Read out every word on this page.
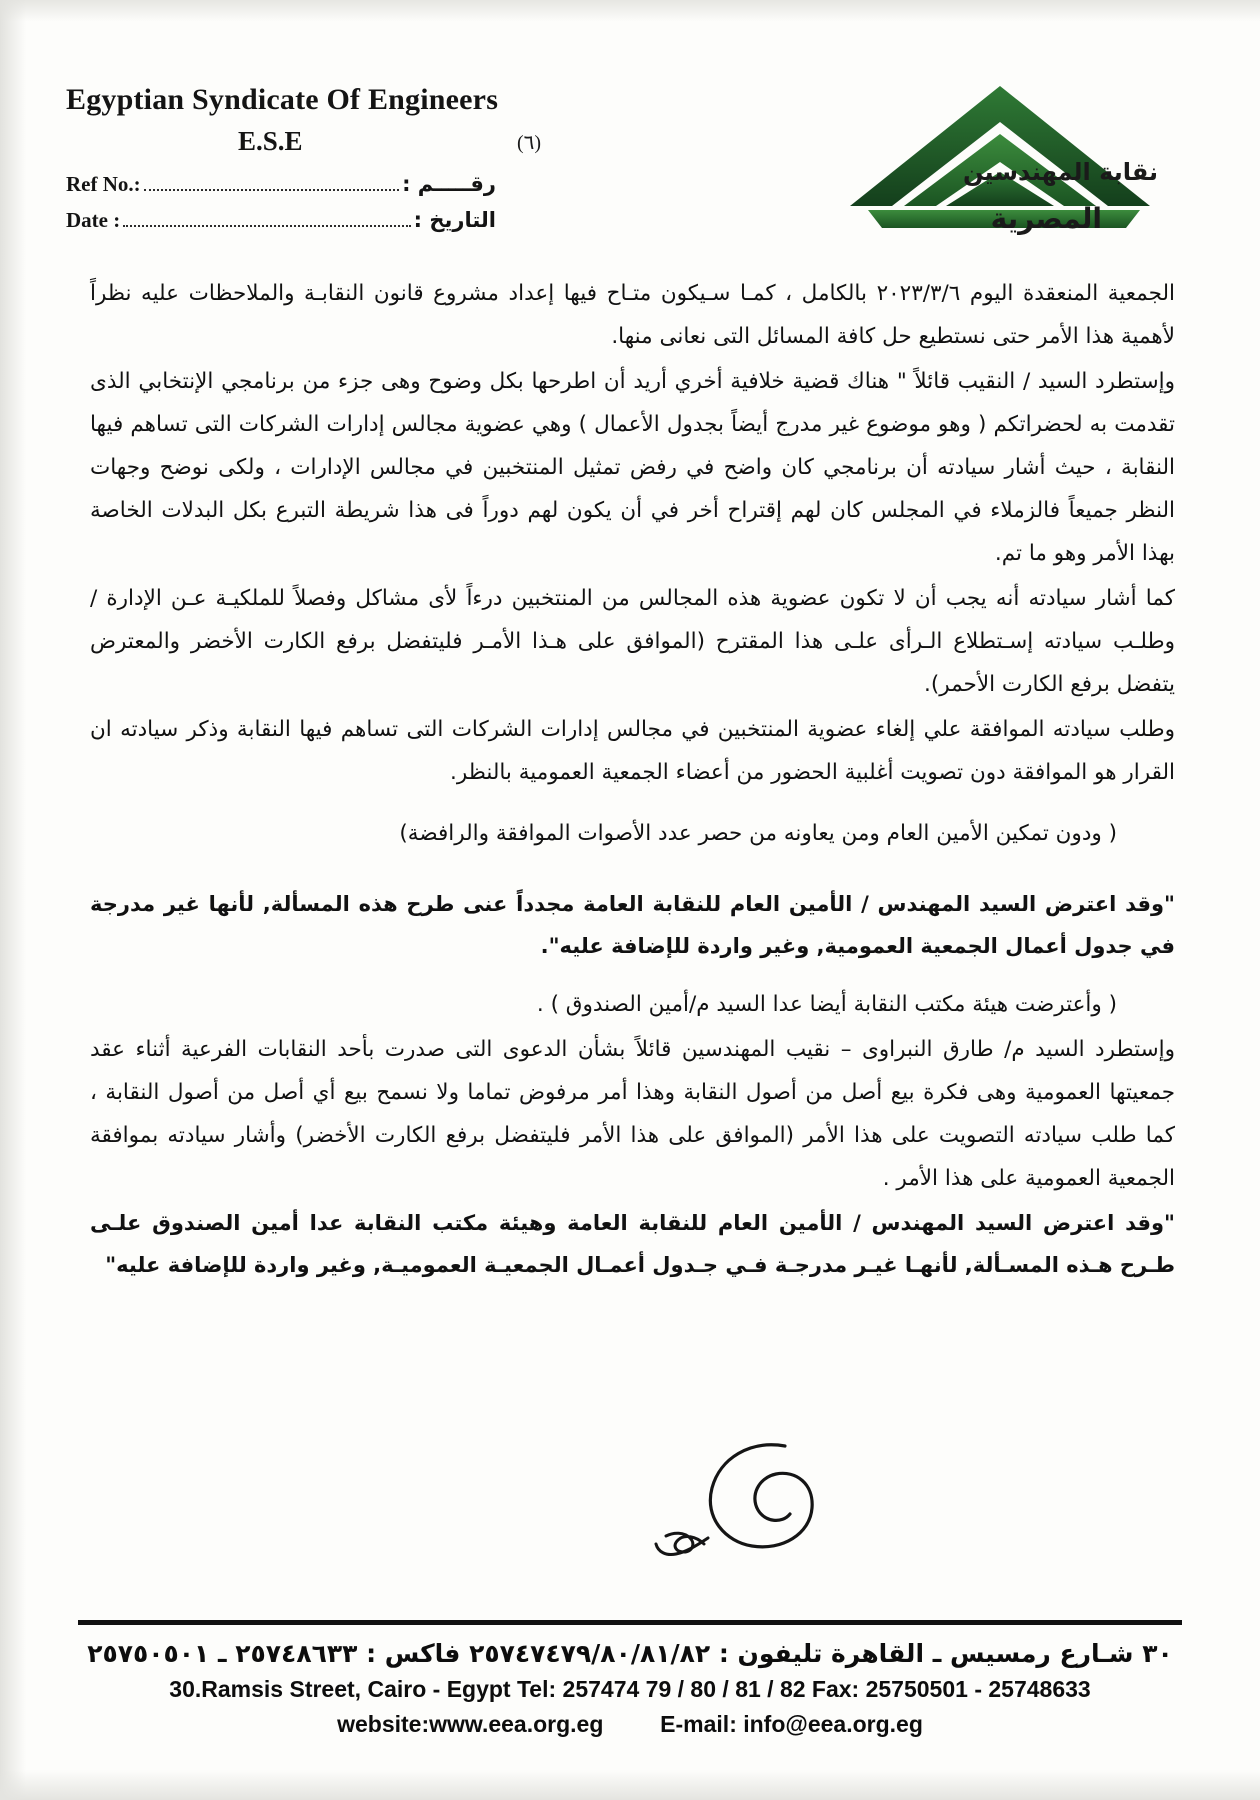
Egyptian Syndicate Of Engineers
E.S.E	(٦)
Ref No.:	رقـــــم :
Date :	التاريخ :
نقابة المهندسين
المصرية

الجمعية المنعقدة اليوم ٢٠٢٣/٣/٦ بالكامل ، كمـا سـيكون متـاح فيها إعداد مشروع قانون النقابـة والملاحظات عليه نظراً لأهمية هذا الأمر حتى نستطيع حل كافة المسائل التى نعانى منها.

وإستطرد السيد / النقيب قائلاً " هناك قضية خلافية أخري أريد أن اطرحها بكل وضوح وهى جزء من برنامجي الإنتخابي الذى تقدمت به لحضراتكم ( وهو موضوع غير مدرج أيضاً بجدول الأعمال ) وهي عضوية مجالس إدارات الشركات التى تساهم فيها النقابة ، حيث أشار سيادته أن برنامجي كان واضح في رفض تمثيل المنتخبين في مجالس الإدارات ، ولكى نوضح وجهات النظر جميعاً فالزملاء في المجلس كان لهم إقتراح أخر في أن يكون لهم دوراً فى هذا شريطة التبرع بكل البدلات الخاصة بهذا الأمر وهو ما تم.

كما أشار سيادته أنه يجب أن لا تكون عضوية هذه المجالس من المنتخبين درءاً لأى مشاكل وفصلاً للملكيـة عـن الإدارة / وطلـب سيادته إسـتطلاع الـرأى علـى هذا المقترح (الموافق على هـذا الأمـر فليتفضل برفع الكارت الأخضر والمعترض يتفضل برفع الكارت الأحمر).

وطلب سيادته الموافقة علي إلغاء عضوية المنتخبين في مجالس إدارات الشركات التى تساهم فيها النقابة وذكر سيادته ان القرار هو الموافقة دون تصويت أغلبية الحضور من أعضاء الجمعية العمومية بالنظر.

( ودون تمكين الأمين العام ومن يعاونه من حصر عدد الأصوات الموافقة والرافضة)

"وقد اعترض السيد المهندس / الأمين العام للنقابة العامة مجدداً عنى طرح هذه المسألة, لأنها غير مدرجة في جدول أعمال الجمعية العمومية, وغير واردة للإضافة عليه".

( وأعترضت هيئة مكتب النقابة أيضا عدا السيد م/أمين الصندوق ) .

وإستطرد السيد م/ طارق النبراوى – نقيب المهندسين قائلاً بشأن الدعوى التى صدرت بأحد النقابات الفرعية أثناء عقد جمعيتها العمومية وهى فكرة بيع أصل من أصول النقابة وهذا أمر مرفوض تماما ولا نسمح بيع أي أصل من أصول النقابة ، كما طلب سيادته التصويت على هذا الأمر (الموافق على هذا الأمر فليتفضل برفع الكارت الأخضر) وأشار سيادته بموافقة الجمعية العمومية على هذا الأمر .

"وقد اعترض السيد المهندس / الأمين العام للنقابة العامة وهيئة مكتب النقابة عدا أمين الصندوق علـى طـرح هـذه المسـألة, لأنهـا غيـر مدرجـة فـي جـدول أعمـال الجمعيـة العموميـة, وغير واردة للإضافة عليه"

٣٠ شـارع رمسيس ـ القاهرة تليفون : ٢٥٧٤٧٤٧٩/٨٠/٨١/٨٢ فاكس : ٢٥٧٤٨٦٣٣ ـ ٢٥٧٥٠٥٠١
30.Ramsis Street, Cairo - Egypt Tel: 257474 79 / 80 / 81 / 82 Fax: 25750501 - 25748633
website:www.eea.org.eg E-mail: info@eea.org.eg
